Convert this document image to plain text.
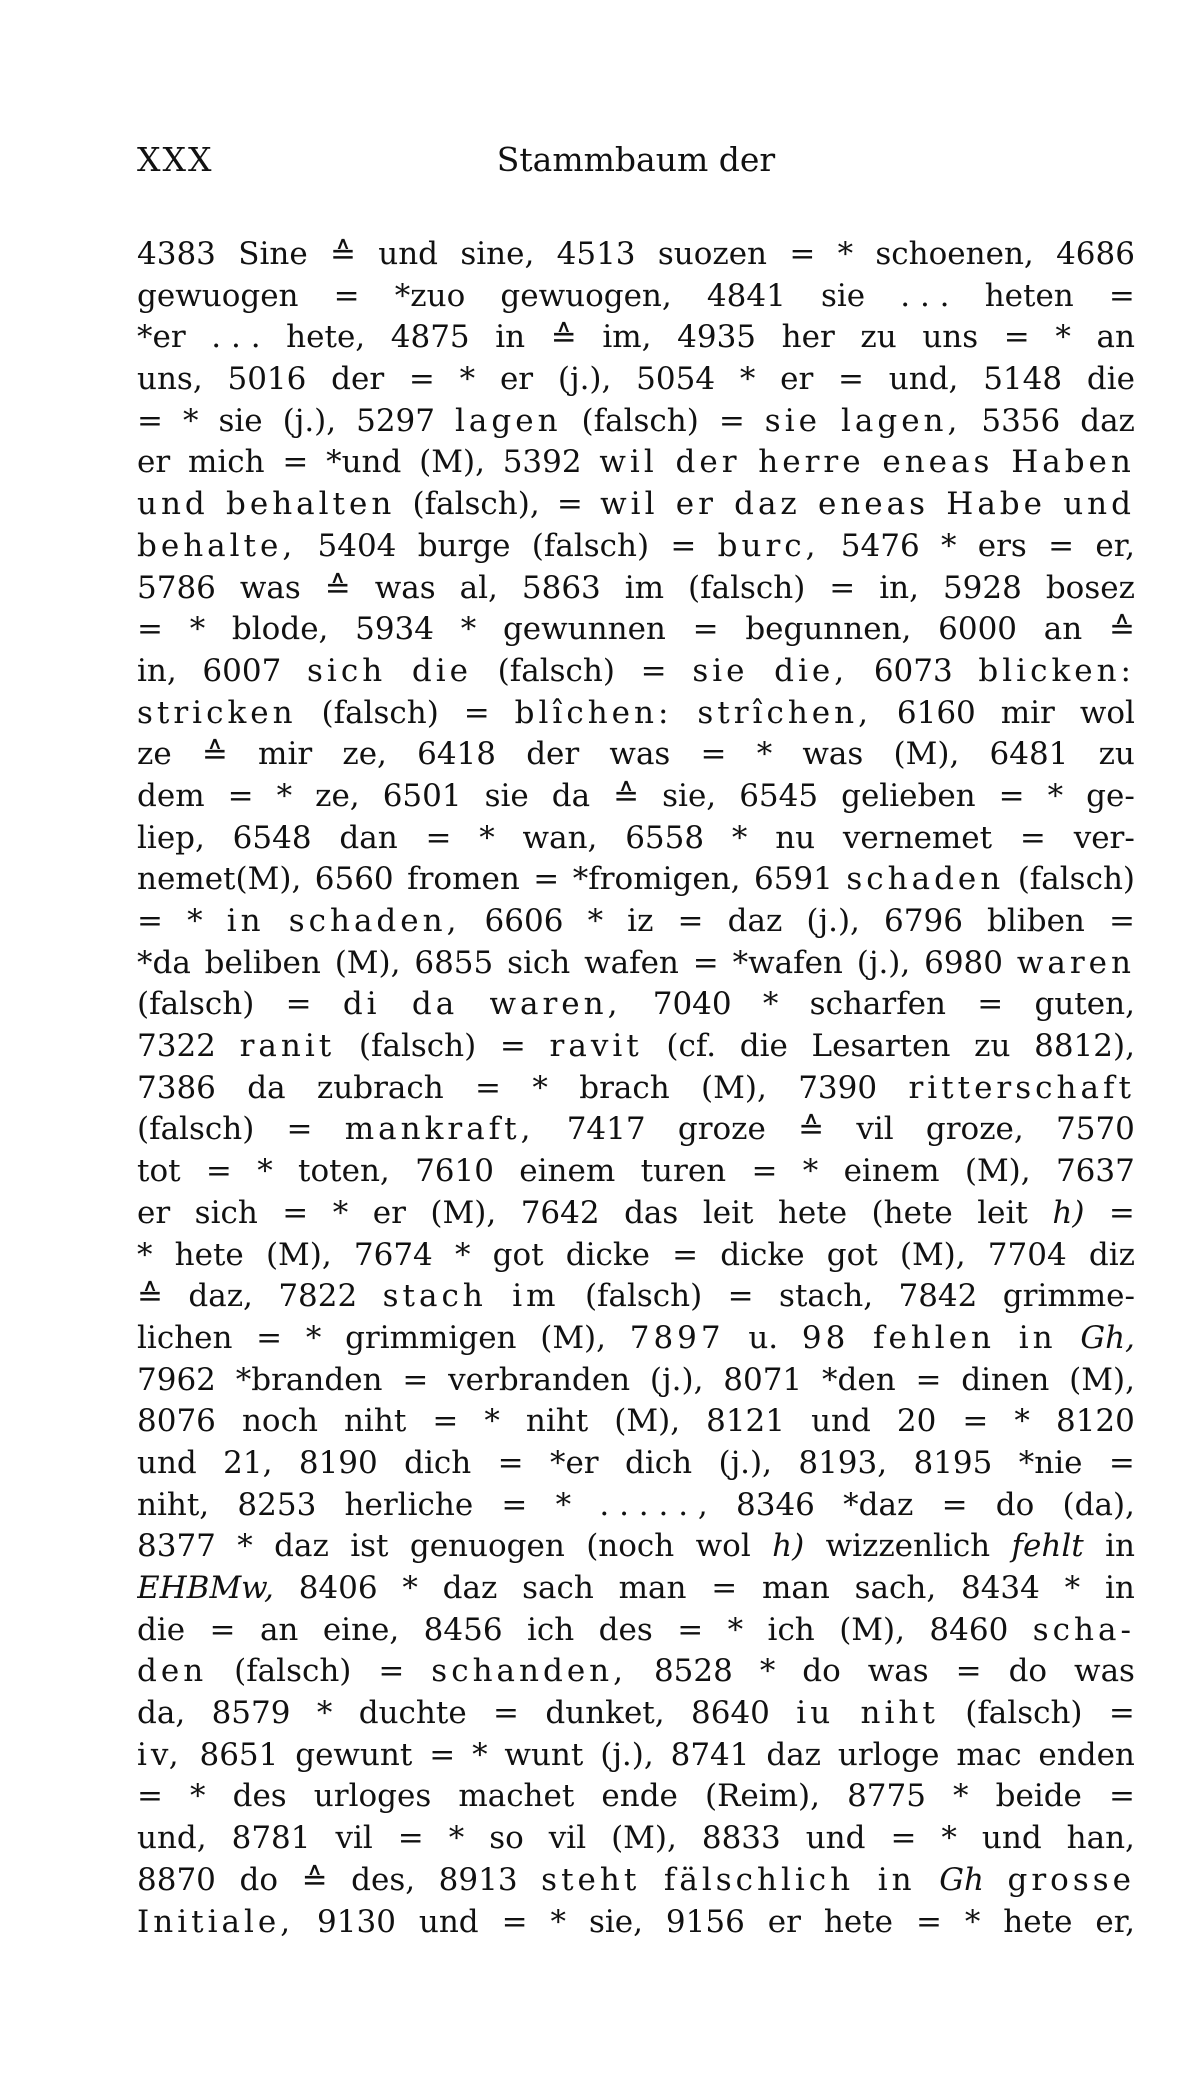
XXX	Stammbaum der
4383 Sine ≙ und sine, 4513 suozen = * schoenen, 4686
gewuogen = *zuo gewuogen, 4841 sie . . . heten =
*er . . . hete, 4875 in ≙ im, 4935 her zu uns = * an
uns, 5016 der = * er (j.), 5054 * er = und, 5148 die
= * sie (j.), 5297 lagen (falsch) = sie lagen, 5356 daz
er mich = *und (M), 5392 wil der herre eneas Haben
und behalten (falsch), = wil er daz eneas Habe und
behalte, 5404 burge (falsch) = burc, 5476 * ers = er,
5786 was ≙ was al, 5863 im (falsch) = in, 5928 bosez
= * blode, 5934 * gewunnen = begunnen, 6000 an ≙
in, 6007 sich die (falsch) = sie die, 6073 blicken:
stricken (falsch) = blîchen: strîchen, 6160 mir wol
ze ≙ mir ze, 6418 der was = * was (M), 6481 zu
dem = * ze, 6501 sie da ≙ sie, 6545 gelieben = * ge-
liep, 6548 dan = * wan, 6558 * nu vernemet = ver-
nemet(M), 6560 fromen = *fromigen, 6591 schaden (falsch)
= * in schaden, 6606 * iz = daz (j.), 6796 bliben =
*da beliben (M), 6855 sich wafen = *wafen (j.), 6980 waren
(falsch) = di da waren, 7040 * scharfen = guten,
7322 ranit (falsch) = ravit (cf. die Lesarten zu 8812),
7386 da zubrach = * brach (M), 7390 ritterschaft
(falsch) = mankraft, 7417 groze ≙ vil groze, 7570
tot = * toten, 7610 einem turen = * einem (M), 7637
er sich = * er (M), 7642 das leit hete (hete leit h) =
* hete (M), 7674 * got dicke = dicke got (M), 7704 diz
≙ daz, 7822 stach im (falsch) = stach, 7842 grimme-
lichen = * grimmigen (M), 7897 u. 98 fehlen in Gh,
7962 *branden = verbranden (j.), 8071 *den = dinen (M),
8076 noch niht = * niht (M), 8121 und 20 = * 8120
und 21, 8190 dich = *er dich (j.), 8193, 8195 *nie =
niht, 8253 herliche = * . . . . . , 8346 *daz = do (da),
8377 * daz ist genuogen (noch wol h) wizzenlich fehlt in
EHBMw, 8406 * daz sach man = man sach, 8434 * in
die = an eine, 8456 ich des = * ich (M), 8460 scha-
den (falsch) = schanden, 8528 * do was = do was
da, 8579 * duchte = dunket, 8640 iu niht (falsch) =
iv, 8651 gewunt = * wunt (j.), 8741 daz urloge mac enden
= * des urloges machet ende (Reim), 8775 * beide =
und, 8781 vil = * so vil (M), 8833 und = * und han,
8870 do ≙ des, 8913 steht fälschlich in Gh grosse
Initiale, 9130 und = * sie, 9156 er hete = * hete er,
